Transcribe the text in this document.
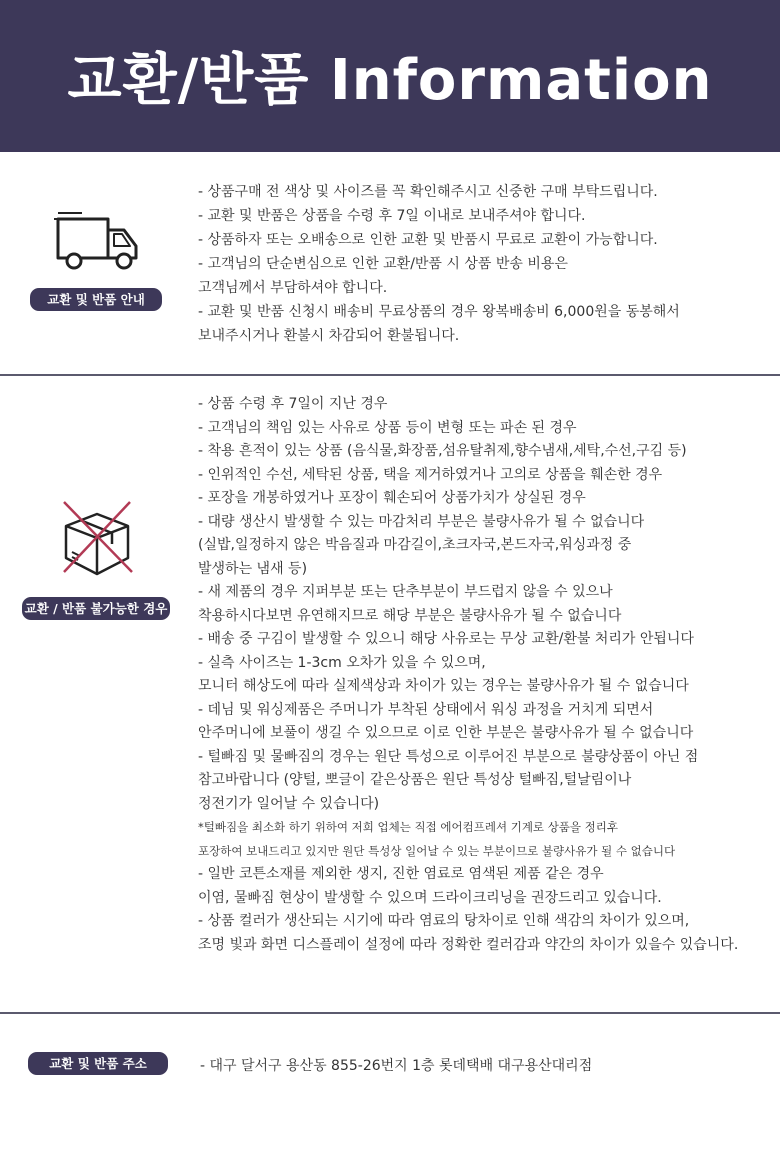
교환/반품 Information
교환 및 반품 안내
- 상품구매 전 색상 및 사이즈를 꼭 확인해주시고 신중한 구매 부탁드립니다.
- 교환 및 반품은 상품을 수령 후 7일 이내로 보내주셔야 합니다.
- 상품하자 또는 오배송으로 인한 교환 및 반품시 무료로 교환이 가능합니다.
- 고객님의 단순변심으로 인한 교환/반품 시 상품 반송 비용은
고객님께서 부담하셔야 합니다.
- 교환 및 반품 신청시 배송비 무료상품의 경우 왕복배송비 6,000원을 동봉해서
보내주시거나 환불시 차감되어 환불됩니다.
교환 / 반품 불가능한 경우
- 상품 수령 후 7일이 지난 경우
- 고객님의 책임 있는 사유로 상품 등이 변형 또는 파손 된 경우
- 착용 흔적이 있는 상품 (음식물,화장품,섬유탈취제,향수냄새,세탁,수선,구김 등)
- 인위적인 수선, 세탁된 상품, 택을 제거하였거나 고의로 상품을 훼손한 경우
- 포장을 개봉하였거나 포장이 훼손되어 상품가치가 상실된 경우
- 대량 생산시 발생할 수 있는 마감처리 부분은 불량사유가 될 수 없습니다
(실밥,일정하지 않은 박음질과 마감길이,초크자국,본드자국,워싱과정 중
발생하는 냄새 등)
- 새 제품의 경우 지퍼부분 또는 단추부분이 부드럽지 않을 수 있으나
착용하시다보면 유연해지므로 해당 부분은 불량사유가 될 수 없습니다
- 배송 중 구김이 발생할 수 있으니 해당 사유로는 무상 교환/환불 처리가 안됩니다
- 실측 사이즈는 1-3cm 오차가 있을 수 있으며,
모니터 해상도에 따라 실제색상과 차이가 있는 경우는 불량사유가 될 수 없습니다
- 데님 및 워싱제품은 주머니가 부착된 상태에서 워싱 과정을 거치게 되면서
안주머니에 보풀이 생길 수 있으므로 이로 인한 부분은 불량사유가 될 수 없습니다
- 털빠짐 및 물빠짐의 경우는 원단 특성으로 이루어진 부분으로 불량상품이 아닌 점
참고바랍니다 (양털, 뽀글이 같은상품은 원단 특성상 털빠짐,털날림이나
정전기가 일어날 수 있습니다)
*털빠짐을 최소화 하기 위하여 저희 업체는 직접 에어컴프레셔 기계로 상품을 정리후
포장하여 보내드리고 있지만 원단 특성상 일어날 수 있는 부분이므로 불량사유가 될 수 없습니다
- 일반 코튼소재를 제외한 생지, 진한 염료로 염색된 제품 같은 경우
이염, 물빠짐 현상이 발생할 수 있으며 드라이크리닝을 권장드리고 있습니다.
- 상품 컬러가 생산되는 시기에 따라 염료의 탕차이로 인해 색감의 차이가 있으며,
조명 빛과 화면 디스플레이 설정에 따라 정확한 컬러감과 약간의 차이가 있을수 있습니다.
교환 및 반품 주소	- 대구 달서구 용산동 855-26번지 1층 롯데택배 대구용산대리점
